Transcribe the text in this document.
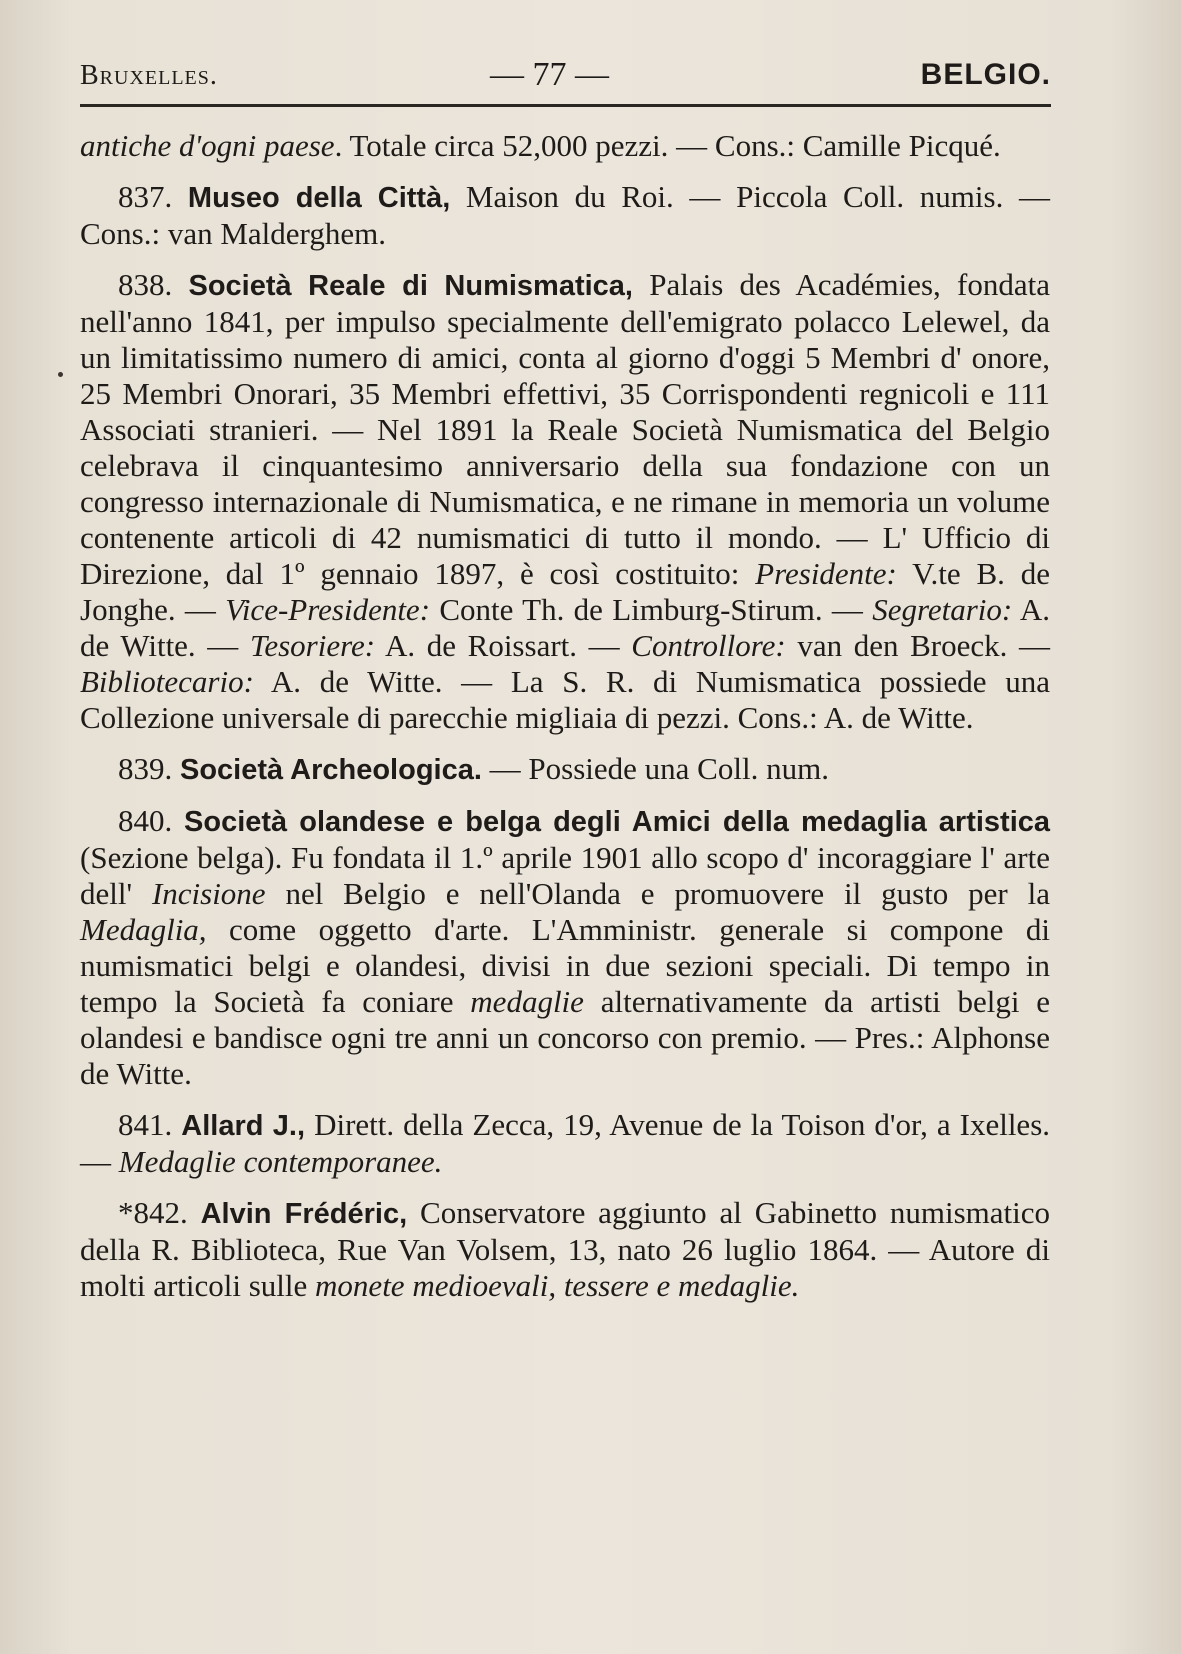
Bruxelles.	— 77 —	BELGIO.

antiche d'ogni paese. Totale circa 52,000 pezzi. — Cons.: Camille Picqué.

837. Museo della Città, Maison du Roi. — Piccola Coll. numis. — Cons.: van Malderghem.

838. Società Reale di Numismatica, Palais des Académies, fondata nell'anno 1841, per impulso specialmente dell'emigrato polacco Lelewel, da un limitatissimo numero di amici, conta al giorno d'oggi 5 Membri d' onore, 25 Membri Onorari, 35 Membri effettivi, 35 Corrispondenti regnicoli e 111 Associati stranieri. — Nel 1891 la Reale Società Numismatica del Belgio celebrava il cinquantesimo anniversario della sua fondazione con un congresso internazionale di Numismatica, e ne rimane in memoria un volume contenente articoli di 42 numismatici di tutto il mondo. — L' Ufficio di Direzione, dal 1º gennaio 1897, è così costituito: Presidente: V.te B. de Jonghe. — Vice-Presidente: Conte Th. de Limburg-Stirum. — Segretario: A. de Witte. — Tesoriere: A. de Roissart. — Controllore: van den Broeck. — Bibliotecario: A. de Witte. — La S. R. di Numismatica possiede una Collezione universale di parecchie migliaia di pezzi. Cons.: A. de Witte.

839. Società Archeologica. — Possiede una Coll. num.

840. Società olandese e belga degli Amici della medaglia artistica (Sezione belga). Fu fondata il 1.º aprile 1901 allo scopo d' incoraggiare l' arte dell' Incisione nel Belgio e nell'Olanda e promuovere il gusto per la Medaglia, come oggetto d'arte. L'Amministr. generale si compone di numismatici belgi e olandesi, divisi in due sezioni speciali. Di tempo in tempo la Società fa coniare medaglie alternativamente da artisti belgi e olandesi e bandisce ogni tre anni un concorso con premio. — Pres.: Alphonse de Witte.

841. Allard J., Dirett. della Zecca, 19, Avenue de la Toison d'or, a Ixelles. — Medaglie contemporanee.

*842. Alvin Frédéric, Conservatore aggiunto al Gabinetto numismatico della R. Biblioteca, Rue Van Volsem, 13, nato 26 luglio 1864. — Autore di molti articoli sulle monete medioevali, tessere e medaglie.
